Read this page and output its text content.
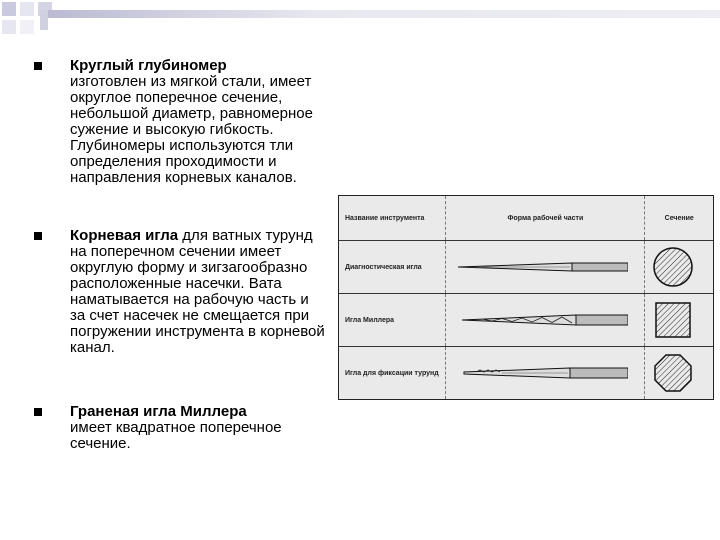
Круглый глубиномер
изготовлен из мягкой стали, имеет округлое поперечное сечение, небольшой диаметр, равномерное сужение и высокую гибкость. Глубиномеры используются тли определения проходимости и направления корневых каналов.
Корневая игла для ватных турунд на поперечном сечении имеет округлую форму и зигзагообразно расположенные насечки. Вата наматывается на рабочую часть и за счет насечек не смещается при погружении инструмента в корневой канал.
Граненая игла Миллера
имеет квадратное поперечное сечение.
Название инструмента	Форма рабочей части	Сечение
Диагностическая игла	

Игла Миллера	

Игла для фиксации турунд	
